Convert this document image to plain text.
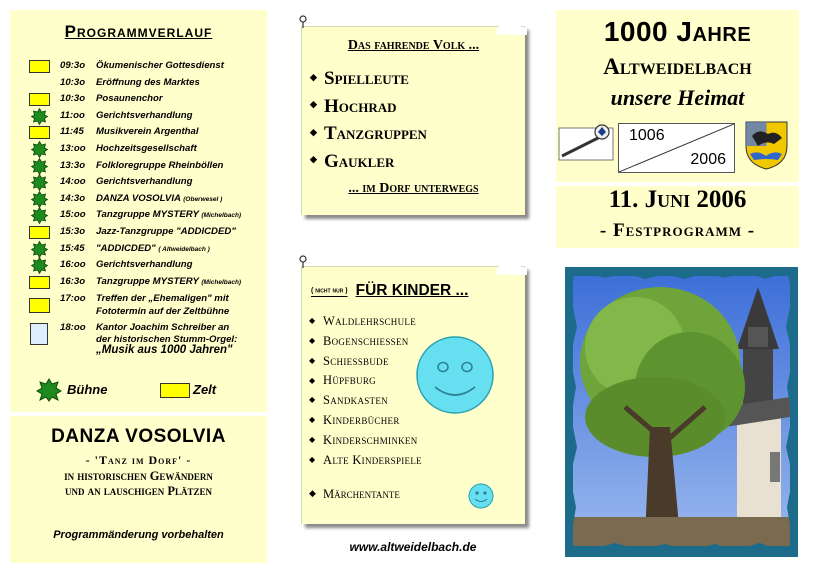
Programmverlauf
09:3o	Ökumenischer Gottesdienst
10:3o	Eröffnung des Marktes
10:3o	Posaunenchor
11:oo	Gerichtsverhandlung
11:45	Musikverein Argenthal
13:oo	Hochzeitsgesellschaft
13:3o	Folkloregruppe Rheinböllen
14:oo	Gerichtsverhandlung
14:3o	DANZA VOSOLVIA (Oberwesel )
15:oo	Tanzgruppe MYSTERY (Michelbach)
15:3o	Jazz-Tanzgruppe "ADDICDED"
15:45	"ADDICDED" ( Altweidelbach )
16:oo	Gerichtsverhandlung
16:3o	Tanzgruppe MYSTERY (Michelbach)
17:oo	Treffen der „Ehemaligen" mit
Fototermin auf der Zeltbühne
18:oo	Kantor Joachim Schreiber an
der historischen Stumm-Orgel:
„Musik aus 1000 Jahren"
Bühne	Zelt
DANZA VOSOLVIA
- 'Tanz im Dorf' -
in historischen Gewändern
und an lauschigen Plätzen
Programmänderung vorbehalten
Das fahrende Volk ...
◆ Spielleute
◆ Hochrad
◆ Tanzgruppen
◆ Gaukler
... im Dorf unterwegs
( nicht nur ) FÜR KINDER ...
◆ Waldlehrschule
◆ Bogenschiessen
◆ Schiessbude
◆ Hüpfburg
◆ Sandkasten
◆ Kinderbücher
◆ Kinderschminken
◆ Alte Kinderspiele
◆ Märchentante
www.altweidelbach.de
1000 Jahre
Altweidelbach
unsere Heimat
1006
2006
11. Juni 2006
- Festprogramm -
